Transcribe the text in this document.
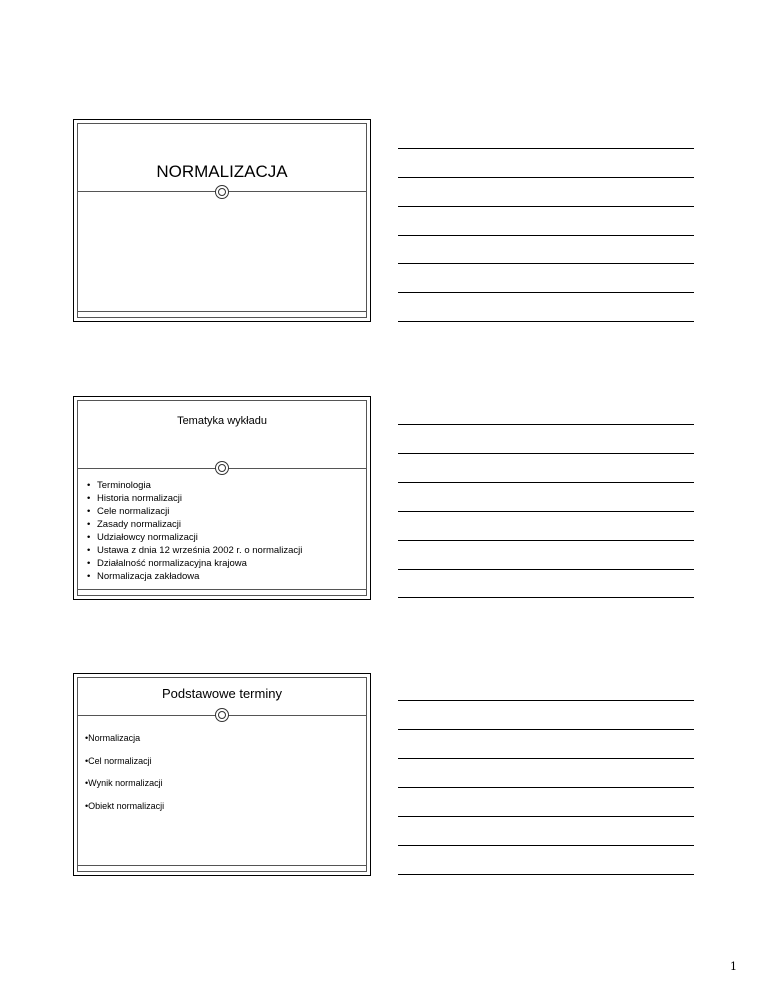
NORMALIZACJA
Tematyka wykładu
• Terminologia
• Historia normalizacji
• Cele normalizacji
• Zasady normalizacji
• Udziałowcy normalizacji
• Ustawa z dnia 12 września 2002 r. o normalizacji
• Działalność normalizacyjna krajowa
• Normalizacja zakładowa
Podstawowe terminy
•Normalizacja
•Cel normalizacji
•Wynik normalizacji
•Obiekt normalizacji
1
